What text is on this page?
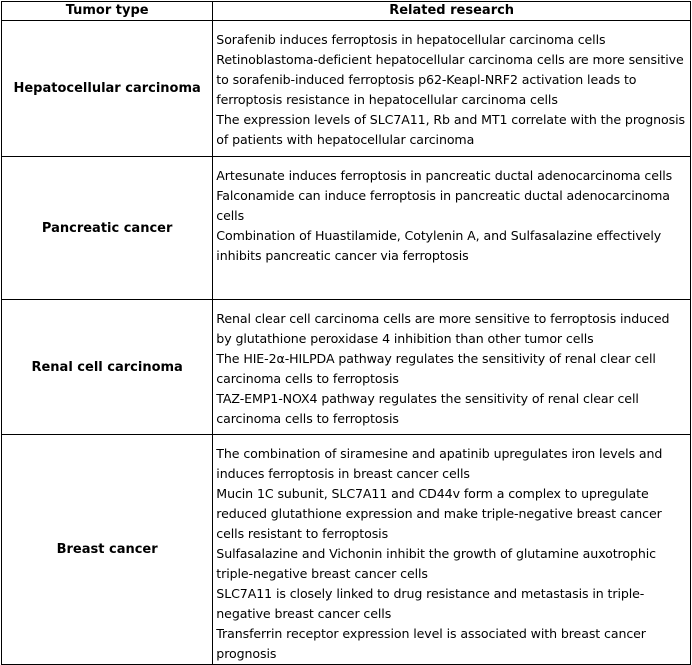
Tumor type	Related research
Hepatocellular carcinoma	Sorafenib induces ferroptosis in hepatocellular carcinoma cells
Retinoblastoma-deficient hepatocellular carcinoma cells are more sensitive to sorafenib-induced ferroptosis p62-Keapl-NRF2 activation leads to ferroptosis resistance in hepatocellular carcinoma cells
The expression levels of SLC7A11, Rb and MT1 correlate with the prognosis of patients with hepatocellular carcinoma

Pancreatic cancer	Artesunate induces ferroptosis in pancreatic ductal adenocarcinoma cells
Falconamide can induce ferroptosis in pancreatic ductal adenocarcinoma cells
Combination of Huastilamide, Cotylenin A, and Sulfasalazine effectively inhibits pancreatic cancer via ferroptosis

Renal cell carcinoma	Renal clear cell carcinoma cells are more sensitive to ferroptosis induced by glutathione peroxidase 4 inhibition than other tumor cells
The HIE-2α-HILPDA pathway regulates the sensitivity of renal clear cell carcinoma cells to ferroptosis
TAZ-EMP1-NOX4 pathway regulates the sensitivity of renal clear cell carcinoma cells to ferroptosis

Breast cancer	The combination of siramesine and apatinib upregulates iron levels and induces ferroptosis in breast cancer cells
Mucin 1C subunit, SLC7A11 and CD44v form a complex to upregulate reduced glutathione expression and make triple-negative breast cancer cells resistant to ferroptosis
Sulfasalazine and Vichonin inhibit the growth of glutamine auxotrophic triple-negative breast cancer cells
SLC7A11 is closely linked to drug resistance and metastasis in triple-negative breast cancer cells
Transferrin receptor expression level is associated with breast cancer prognosis
